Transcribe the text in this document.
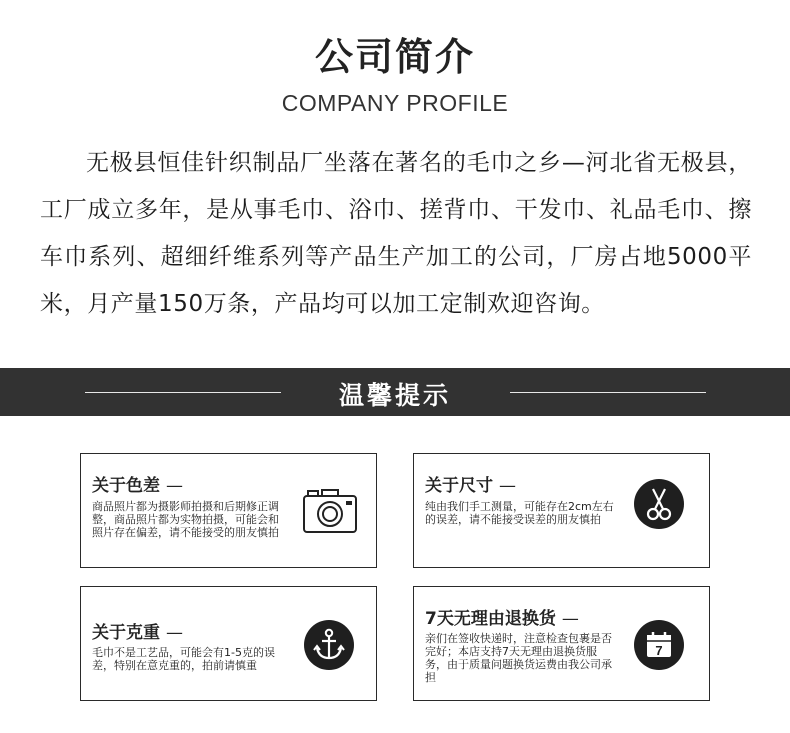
公司简介
COMPANY PROFILE

无极县恒佳针织制品厂坐落在著名的毛巾之乡—河北省无极县，工厂成立多年，是从事毛巾、浴巾、搓背巾、干发巾、礼品毛巾、擦车巾系列、超细纤维系列等产品生产加工的公司，厂房占地5000平米，月产量150万条，产品均可以加工定制欢迎咨询。

温馨提示
关于色差 —
商品照片都为摄影师拍摄和后期修正调整，商品照片都为实物拍摄，可能会和照片存在偏差，请不能接受的朋友慎拍
关于尺寸 —
纯由我们手工测量，可能存在2cm左右的误差，请不能接受误差的朋友慎拍
关于克重 —
毛巾不是工艺品，可能会有1-5克的误差，特别在意克重的，拍前请慎重
7天无理由退换货 —
亲们在签收快递时，注意检查包裹是否完好；本店支持7天无理由退换货服务，由于质量问题换货运费由我公司承担
7
